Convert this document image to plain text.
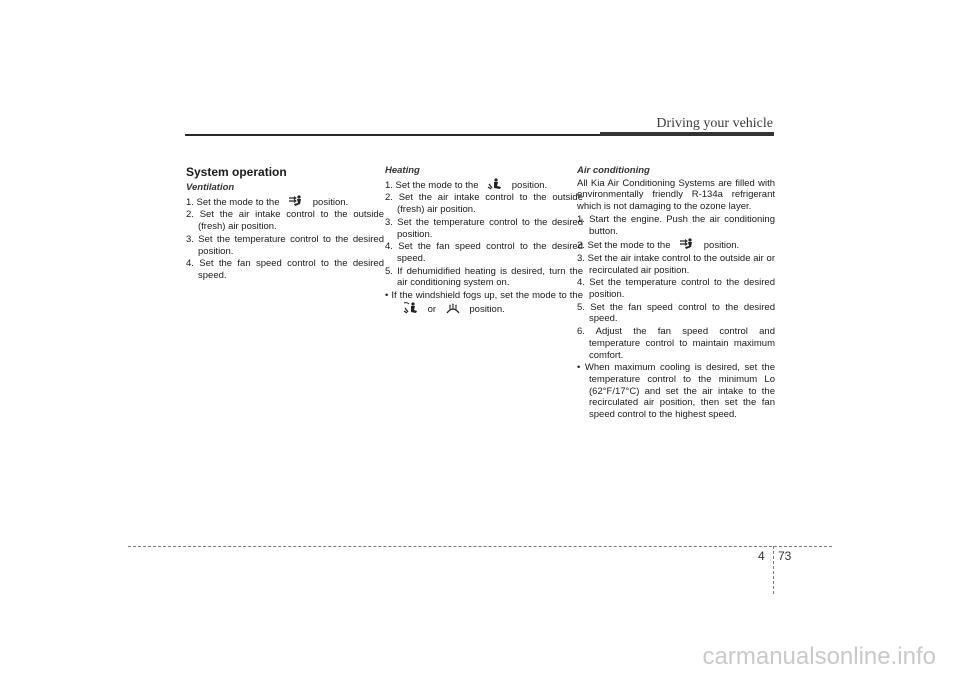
Driving your vehicle
System operation
Ventilation
1. Set the mode to the	position.
2. Set the air intake control to the outside (fresh) air position.
3. Set the temperature control to the desired position.
4. Set the fan speed control to the desired speed.
Heating
1. Set the mode to the	position.
2. Set the air intake control to the outside (fresh) air position.
3. Set the temperature control to the desired position.
4. Set the fan speed control to the desired speed.
5. If dehumidified heating is desired, turn the air conditioning system on.
• If the windshield fogs up, set the mode to the
or	position.
Air conditioning
All Kia Air Conditioning Systems are filled with environmentally friendly R-134a refrigerant which is not damaging to the ozone layer.
1. Start the engine. Push the air conditioning button.
2. Set the mode to the	position.
3. Set the air intake control to the outside air or recirculated air position.
4. Set the temperature control to the desired position.
5. Set the fan speed control to the desired speed.
6. Adjust the fan speed control and temperature control to maintain maximum comfort.
• When maximum cooling is desired, set the temperature control to the minimum Lo (62°F/17°C) and set the air intake to the recirculated air position, then set the fan speed control to the highest speed.
4 73
carmanualsonline.info
